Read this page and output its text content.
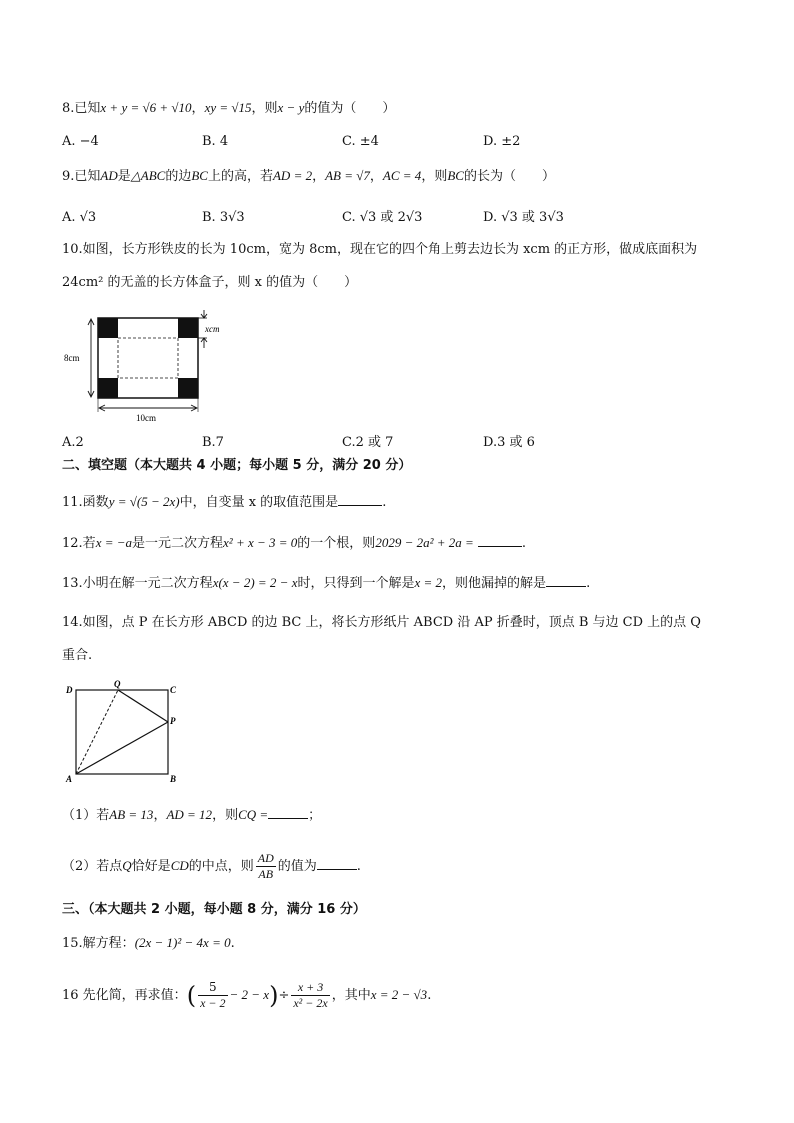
8.已知x + y = √6 + √10，xy = √15，则x − y的值为（　　）
A. −4	B. 4	C. ±4	D. ±2
9.已知AD是△ABC的边BC上的高，若AD = 2，AB = √7，AC = 4，则BC的长为（　　）
A. √3	B. 3√3	C. √3 或 2√3	D. √3 或 3√3
10.如图，长方形铁皮的长为 10cm，宽为 8cm，现在它的四个角上剪去边长为 xcm 的正方形，做成底面积为
24cm² 的无盖的长方体盒子，则 x 的值为（　　）
xcm
8cm
10cm
A.2	B.7	C.2 或 7	D.3 或 6
二、填空题（本大题共 4 小题；每小题 5 分，满分 20 分）
11.函数y = √(5 − 2x)中，自变量 x 的取值范围是	.
12.若x = −a是一元二次方程x² + x − 3 = 0的一个根，则2029 − 2a² + 2a =	.
13.小明在解一元二次方程x(x − 2) = 2 − x时，只得到一个解是x = 2，则他漏掉的解是	.
14.如图，点 P 在长方形 ABCD 的边 BC 上，将长方形纸片 ABCD 沿 AP 折叠时，顶点 B 与边 CD 上的点 Q
重合.
D
Q
C
P
A	B
（1）若AB = 13，AD = 12，则CQ =	；
（2）若点Q恰好是CD的中点，则 $\frac{AD}{AB}$ 的值为	.
三、（本大题共 2 小题，每小题 8 分，满分 16 分）
15.解方程：(2x − 1)² − 4x = 0.
16 先化简，再求值：( $\frac{5}{x - 2} - 2 - x)\div \frac{x + 3}{\text{x² − 2x}}$ ，其中x = 2 − √3.
